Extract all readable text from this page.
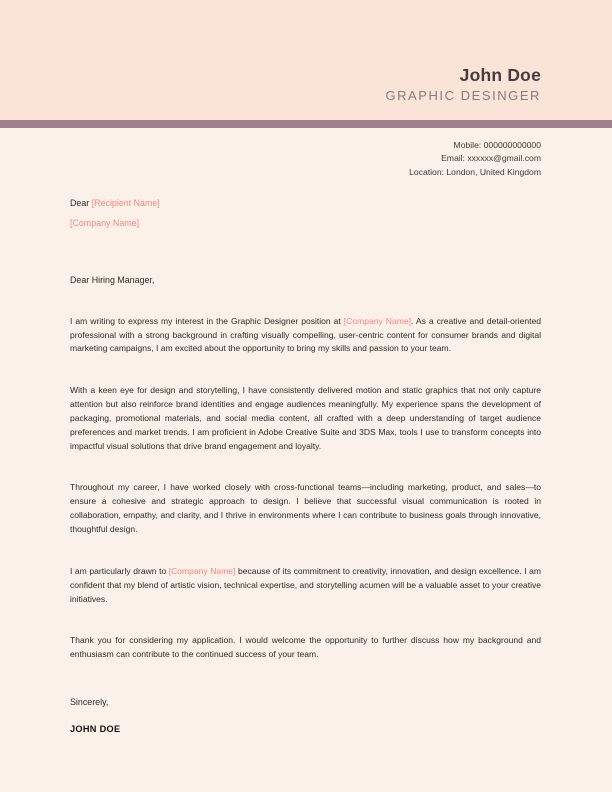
John Doe
GRAPHIC DESINGER
Mobile: 000000000000
Email: xxxxxx@gmail.com
Location: London, United Kingdom
Dear [Recipient Name]
[Company Name]
Dear Hiring Manager,

I am writing to express my interest in the Graphic Designer position at [Company Name]. As a creative and detail-oriented professional with a strong background in crafting visually compelling, user-centric content for consumer brands and digital marketing campaigns, I am excited about the opportunity to bring my skills and passion to your team.

With a keen eye for design and storytelling, I have consistently delivered motion and static graphics that not only capture attention but also reinforce brand identities and engage audiences meaningfully. My experience spans the development of packaging, promotional materials, and social media content, all crafted with a deep understanding of target audience preferences and market trends. I am proficient in Adobe Creative Suite and 3DS Max, tools I use to transform concepts into impactful visual solutions that drive brand engagement and loyalty.

Throughout my career, I have worked closely with cross-functional teams—including marketing, product, and sales—to ensure a cohesive and strategic approach to design. I believe that successful visual communication is rooted in collaboration, empathy, and clarity, and I thrive in environments where I can contribute to business goals through innovative, thoughtful design.

I am particularly drawn to [Company Name] because of its commitment to creativity, innovation, and design excellence. I am confident that my blend of artistic vision, technical expertise, and storytelling acumen will be a valuable asset to your creative initiatives.

Thank you for considering my application. I would welcome the opportunity to further discuss how my background and enthusiasm can contribute to the continued success of your team.

Sincerely,
JOHN DOE
